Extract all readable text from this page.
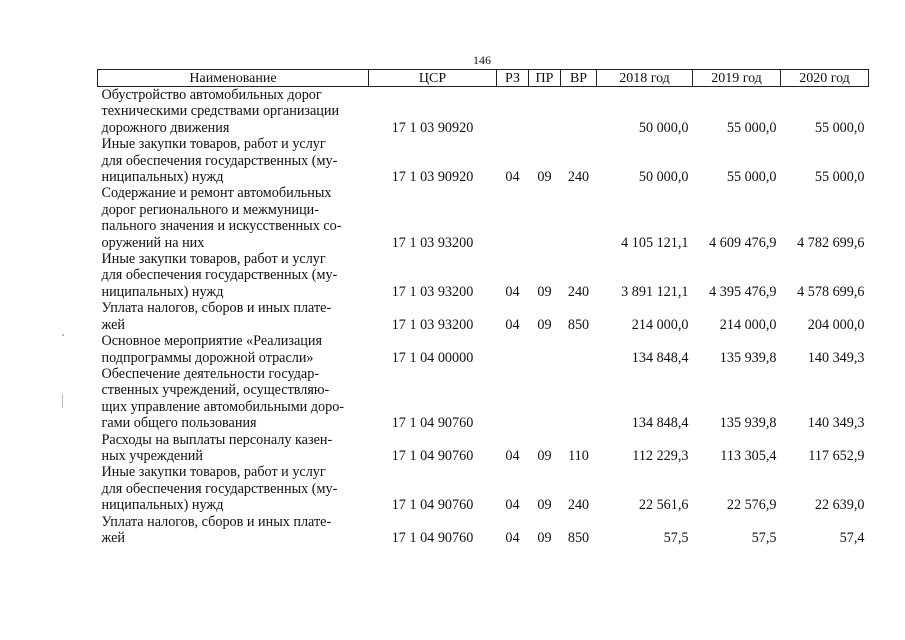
146
Наименование	ЦСР	РЗ	ПР	ВР	2018 год	2019 год	2020 год

Обустройство автомобильных дорог
техническими средствами организации
дорожного движения	17 1 03 90920				50 000,0	55 000,0	55 000,0

Иные закупки товаров, работ и услуг
для обеспечения государственных (му-
ниципальных) нужд	17 1 03 90920	04	09	240	50 000,0	55 000,0	55 000,0

Содержание и ремонт автомобильных
дорог регионального и межмуници-
пального значения и искусственных со-
оружений на них	17 1 03 93200				4 105 121,1	4 609 476,9	4 782 699,6

Иные закупки товаров, работ и услуг
для обеспечения государственных (му-
ниципальных) нужд	17 1 03 93200	04	09	240	3 891 121,1	4 395 476,9	4 578 699,6

Уплата налогов, сборов и иных плате-
жей	17 1 03 93200	04	09	850	214 000,0	214 000,0	204 000,0

Основное мероприятие «Реализация
подпрограммы дорожной отрасли»	17 1 04 00000				134 848,4	135 939,8	140 349,3

Обеспечение деятельности государ-
ственных учреждений, осуществляю-
щих управление автомобильными доро-
гами общего пользования	17 1 04 90760				134 848,4	135 939,8	140 349,3

Расходы на выплаты персоналу казен-
ных учреждений	17 1 04 90760	04	09	110	112 229,3	113 305,4	117 652,9

Иные закупки товаров, работ и услуг
для обеспечения государственных (му-
ниципальных) нужд	17 1 04 90760	04	09	240	22 561,6	22 576,9	22 639,0

Уплата налогов, сборов и иных плате-
жей	17 1 04 90760	04	09	850	57,5	57,5	57,4
